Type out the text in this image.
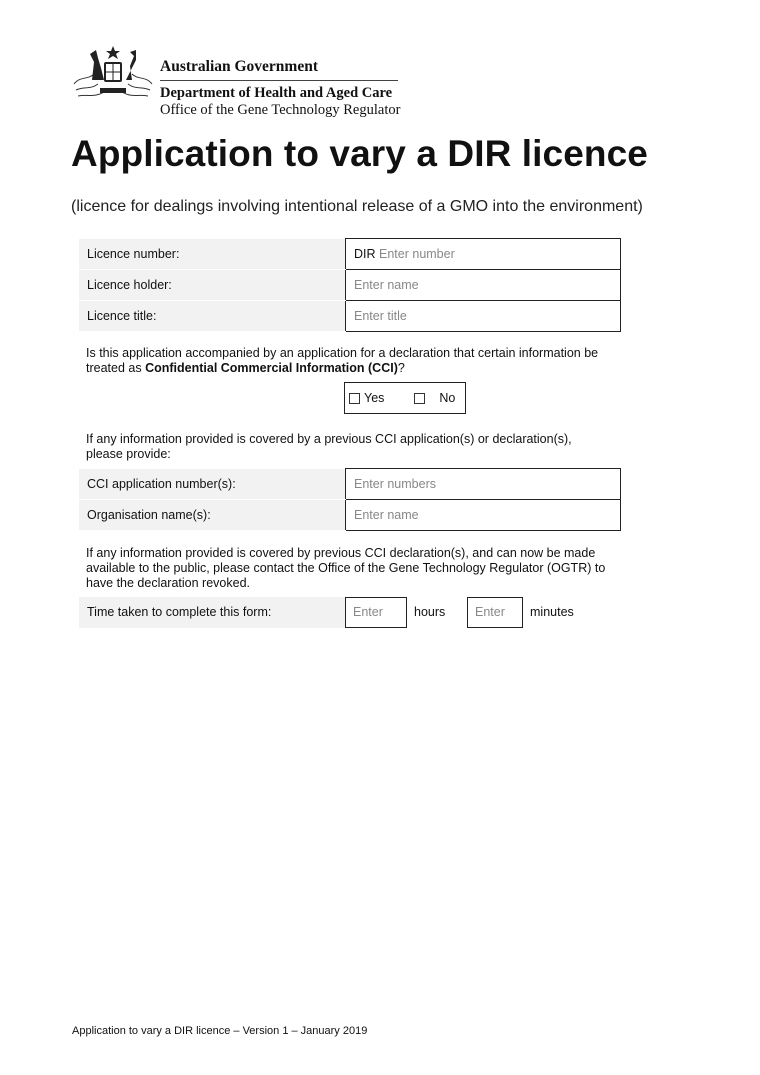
Australian Government
Department of Health and Aged Care
Office of the Gene Technology Regulator
Application to vary a DIR licence
(licence for dealings involving intentional release of a GMO into the environment)
Licence number:	DIR Enter number
Licence holder:	Enter name
Licence title:	Enter title
Is this application accompanied by an application for a declaration that certain information be treated as Confidential Commercial Information (CCI)?
Yes	No
If any information provided is covered by a previous CCI application(s) or declaration(s), please provide:
CCI application number(s):	Enter numbers
Organisation name(s):	Enter name
If any information provided is covered by previous CCI declaration(s), and can now be made available to the public, please contact the Office of the Gene Technology Regulator (OGTR) to have the declaration revoked.
Time taken to complete this form:	Enter	hours	Enter	minutes
Application to vary a DIR licence – Version 1 – January 2019
